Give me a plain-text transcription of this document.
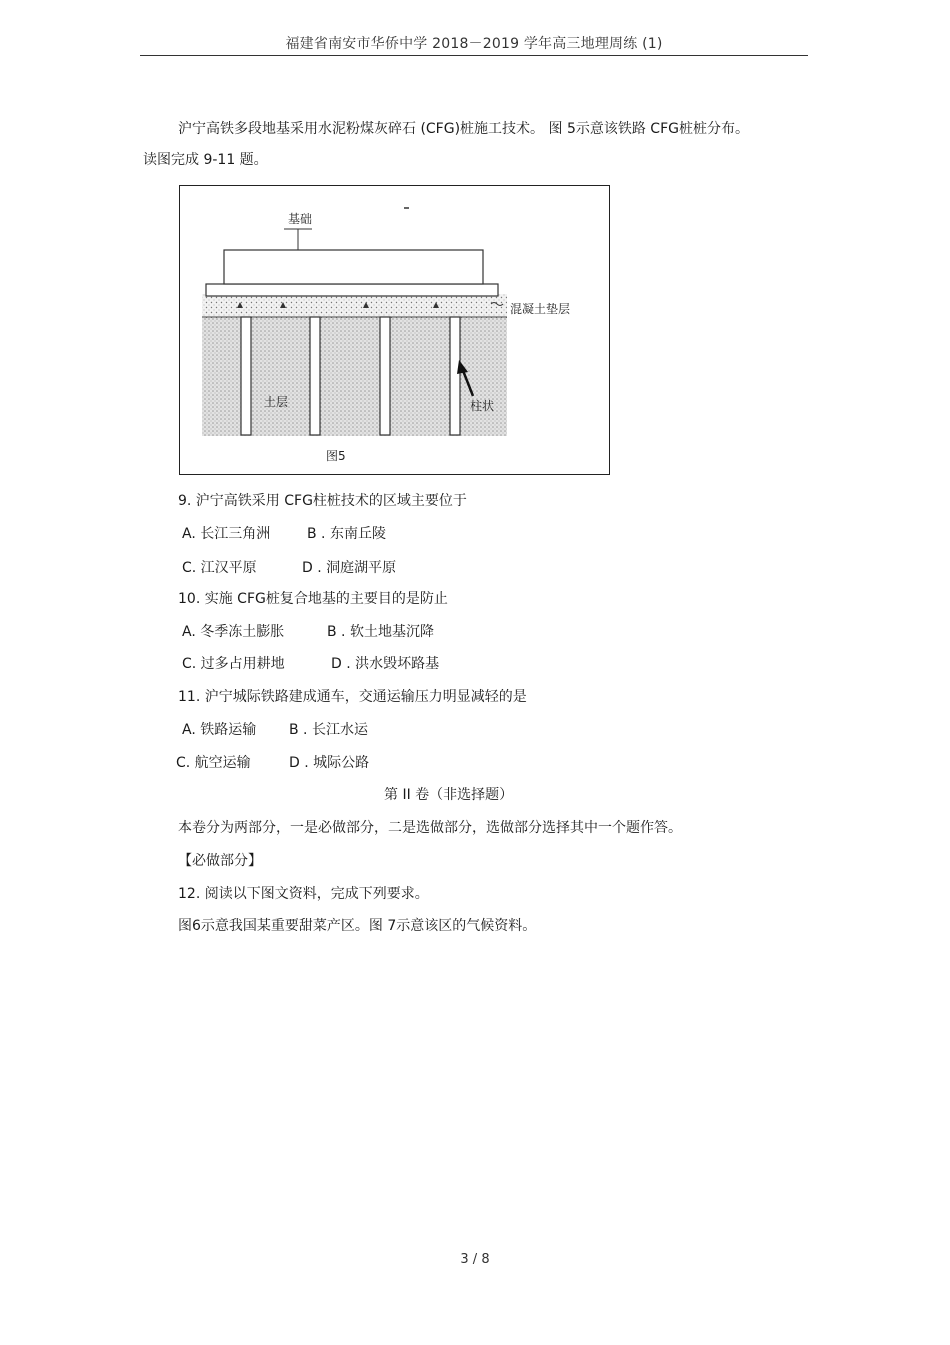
福建省南安市华侨中学 2018－2019 学年高三地理周练 (1)
沪宁高铁多段地基采用水泥粉煤灰碎石 (CFG)桩施工技术。 图 5示意该铁路 CFG桩桩分布。
读图完成 9-11 题。
基础
混凝土垫层
土层	柱状
图5
9. 沪宁高铁采用 CFG柱桩技术的区域主要位于
A. 长江三角洲	B . 东南丘陵
C. 江汉平原	D . 洞庭湖平原
10. 实施 CFG桩复合地基的主要目的是防止
A. 冬季冻土膨胀	B . 软土地基沉降
C. 过多占用耕地	D . 洪水毁坏路基
11. 沪宁城际铁路建成通车，交通运输压力明显减轻的是
A. 铁路运输 B . 长江水运
C. 航空运输	D . 城际公路
第 II 卷（非选择题）
本卷分为两部分，一是必做部分，二是选做部分，选做部分选择其中一个题作答。
【必做部分】
12. 阅读以下图文资料，完成下列要求。
图6示意我国某重要甜菜产区。图 7示意该区的气候资料。
3 / 8
